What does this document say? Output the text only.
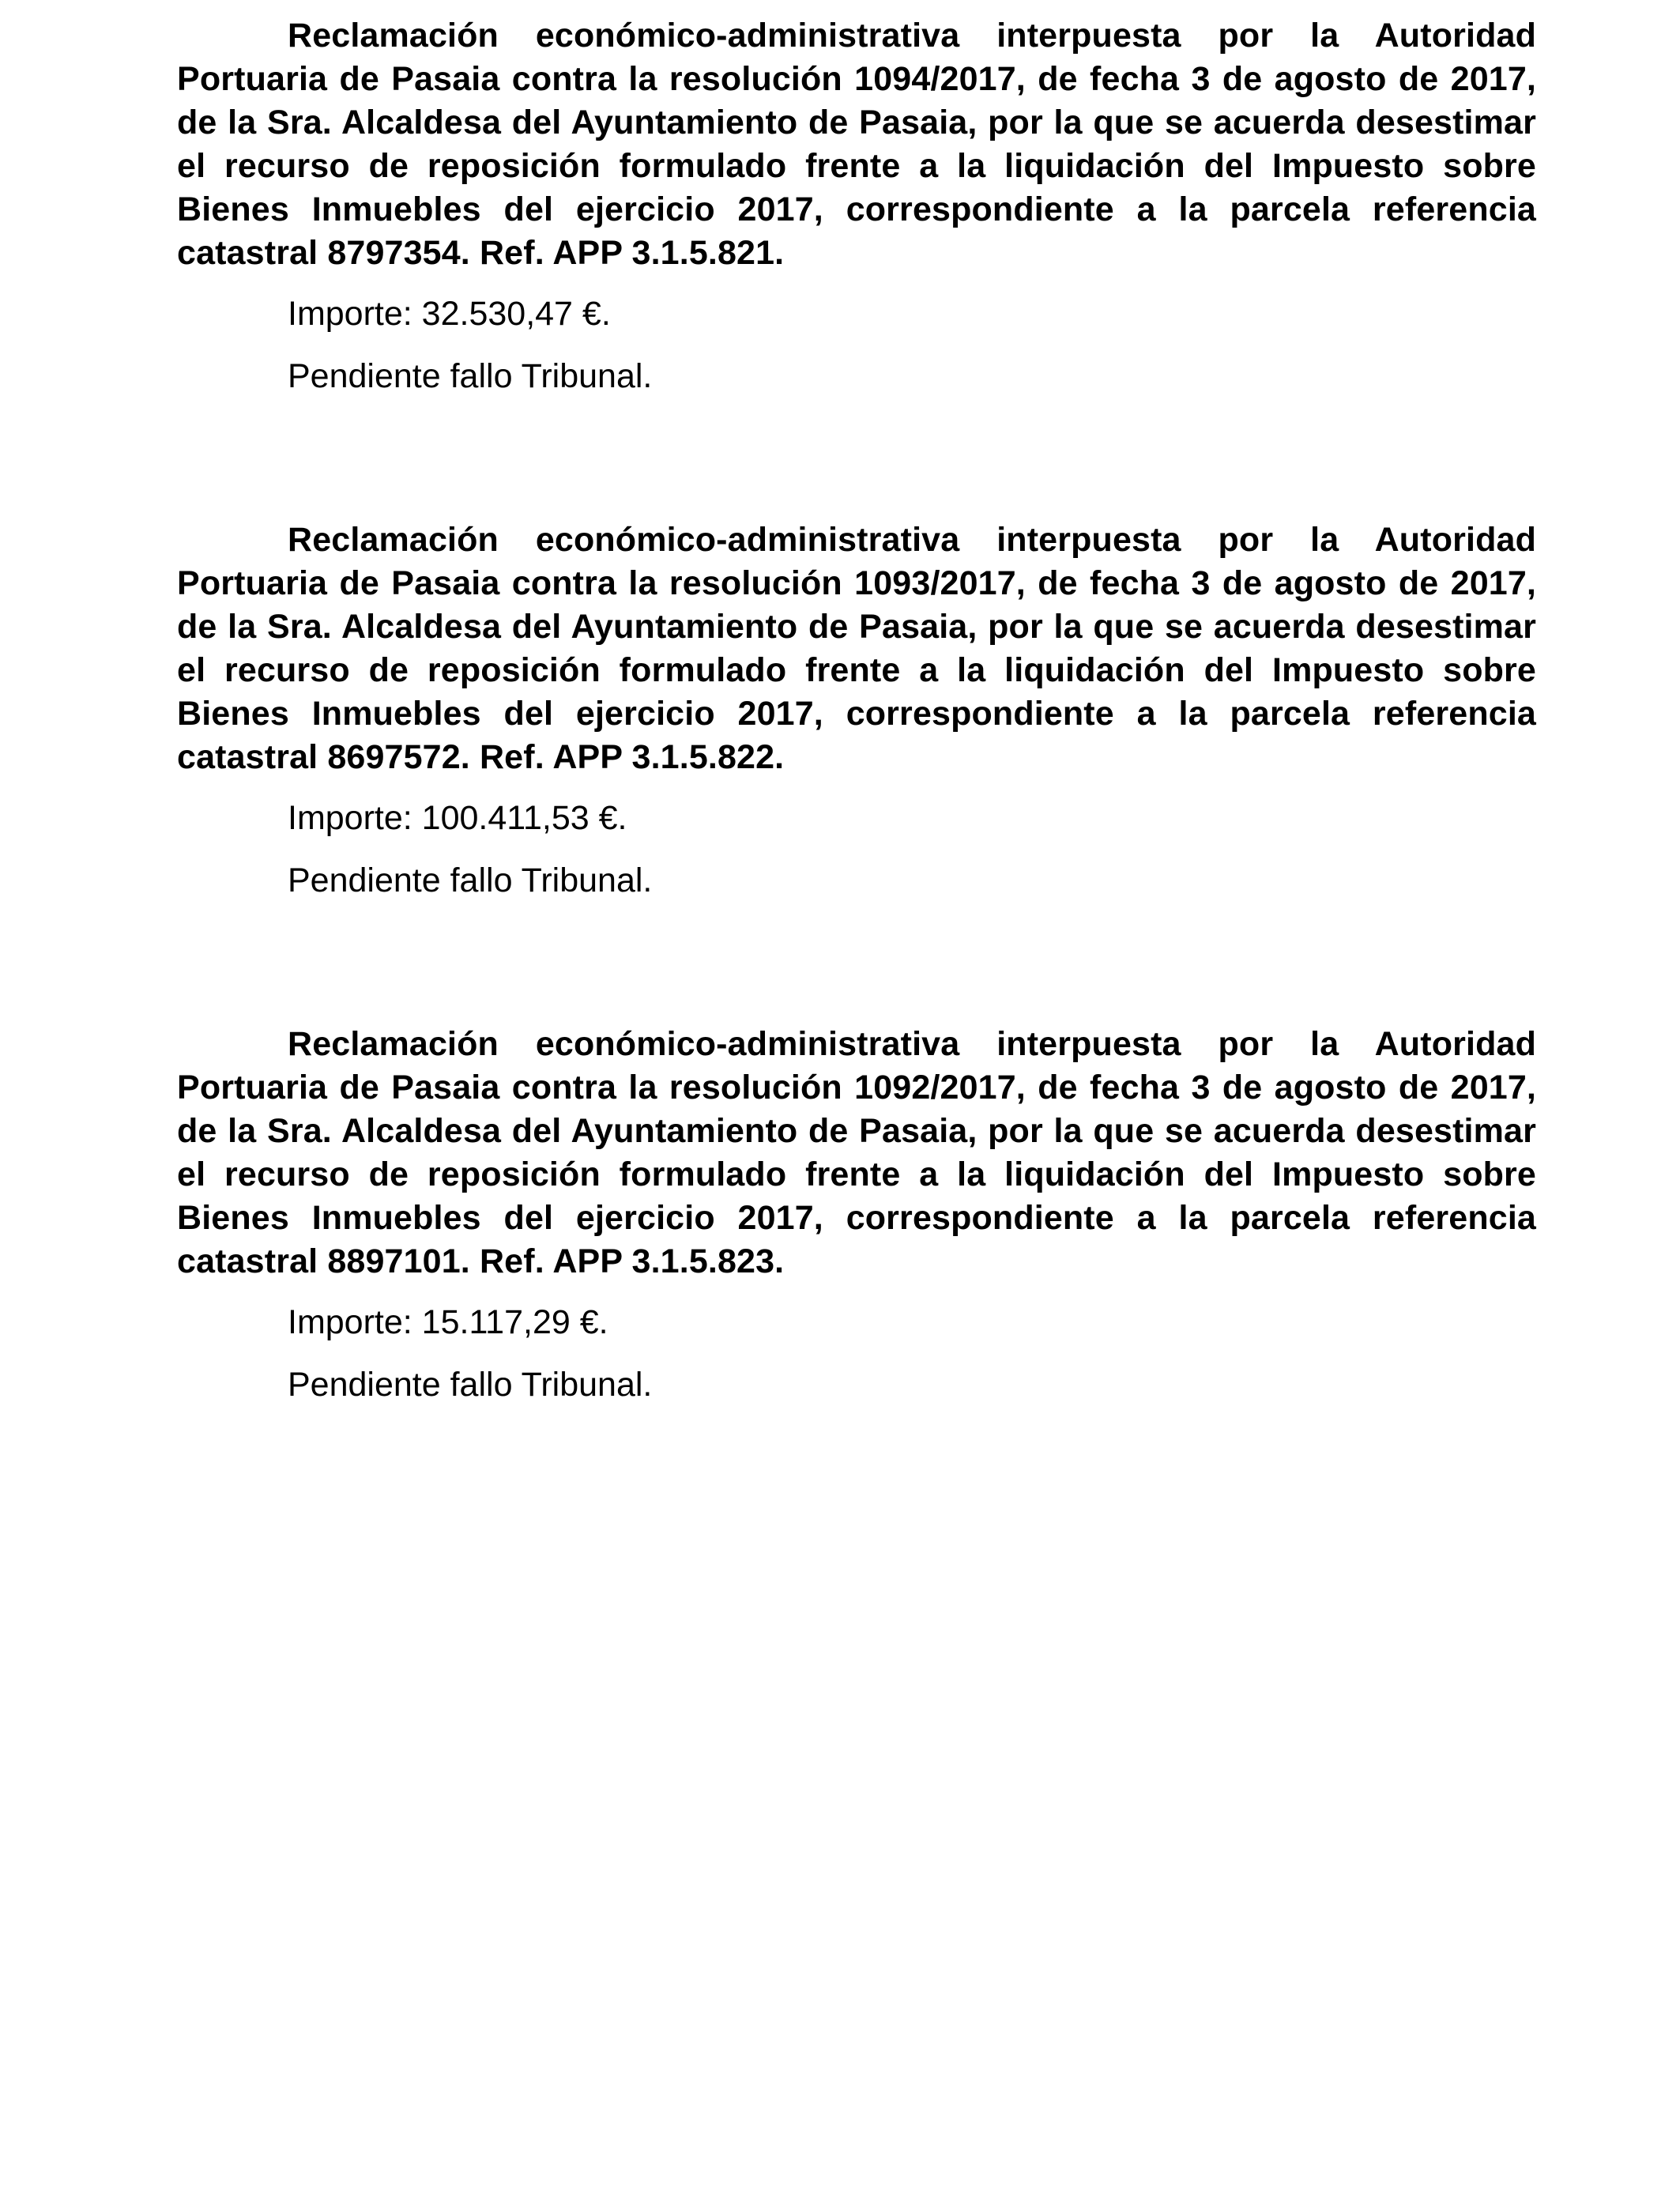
Reclamación económico-administrativa interpuesta por la Autoridad Portuaria de Pasaia contra la resolución 1094/2017, de fecha 3 de agosto de 2017, de la Sra. Alcaldesa del Ayuntamiento de Pasaia, por la que se acuerda desestimar el recurso de reposición formulado frente a la liquidación del Impuesto sobre Bienes Inmuebles del ejercicio 2017, correspondiente a la parcela referencia catastral 8797354. Ref. APP 3.1.5.821.

Importe: 32.530,47 €.

Pendiente fallo Tribunal.

Reclamación económico-administrativa interpuesta por la Autoridad Portuaria de Pasaia contra la resolución 1093/2017, de fecha 3 de agosto de 2017, de la Sra. Alcaldesa del Ayuntamiento de Pasaia, por la que se acuerda desestimar el recurso de reposición formulado frente a la liquidación del Impuesto sobre Bienes Inmuebles del ejercicio 2017, correspondiente a la parcela referencia catastral 8697572. Ref. APP 3.1.5.822.

Importe: 100.411,53 €.

Pendiente fallo Tribunal.

Reclamación económico-administrativa interpuesta por la Autoridad Portuaria de Pasaia contra la resolución 1092/2017, de fecha 3 de agosto de 2017, de la Sra. Alcaldesa del Ayuntamiento de Pasaia, por la que se acuerda desestimar el recurso de reposición formulado frente a la liquidación del Impuesto sobre Bienes Inmuebles del ejercicio 2017, correspondiente a la parcela referencia catastral 8897101. Ref. APP 3.1.5.823.

Importe: 15.117,29 €.

Pendiente fallo Tribunal.
